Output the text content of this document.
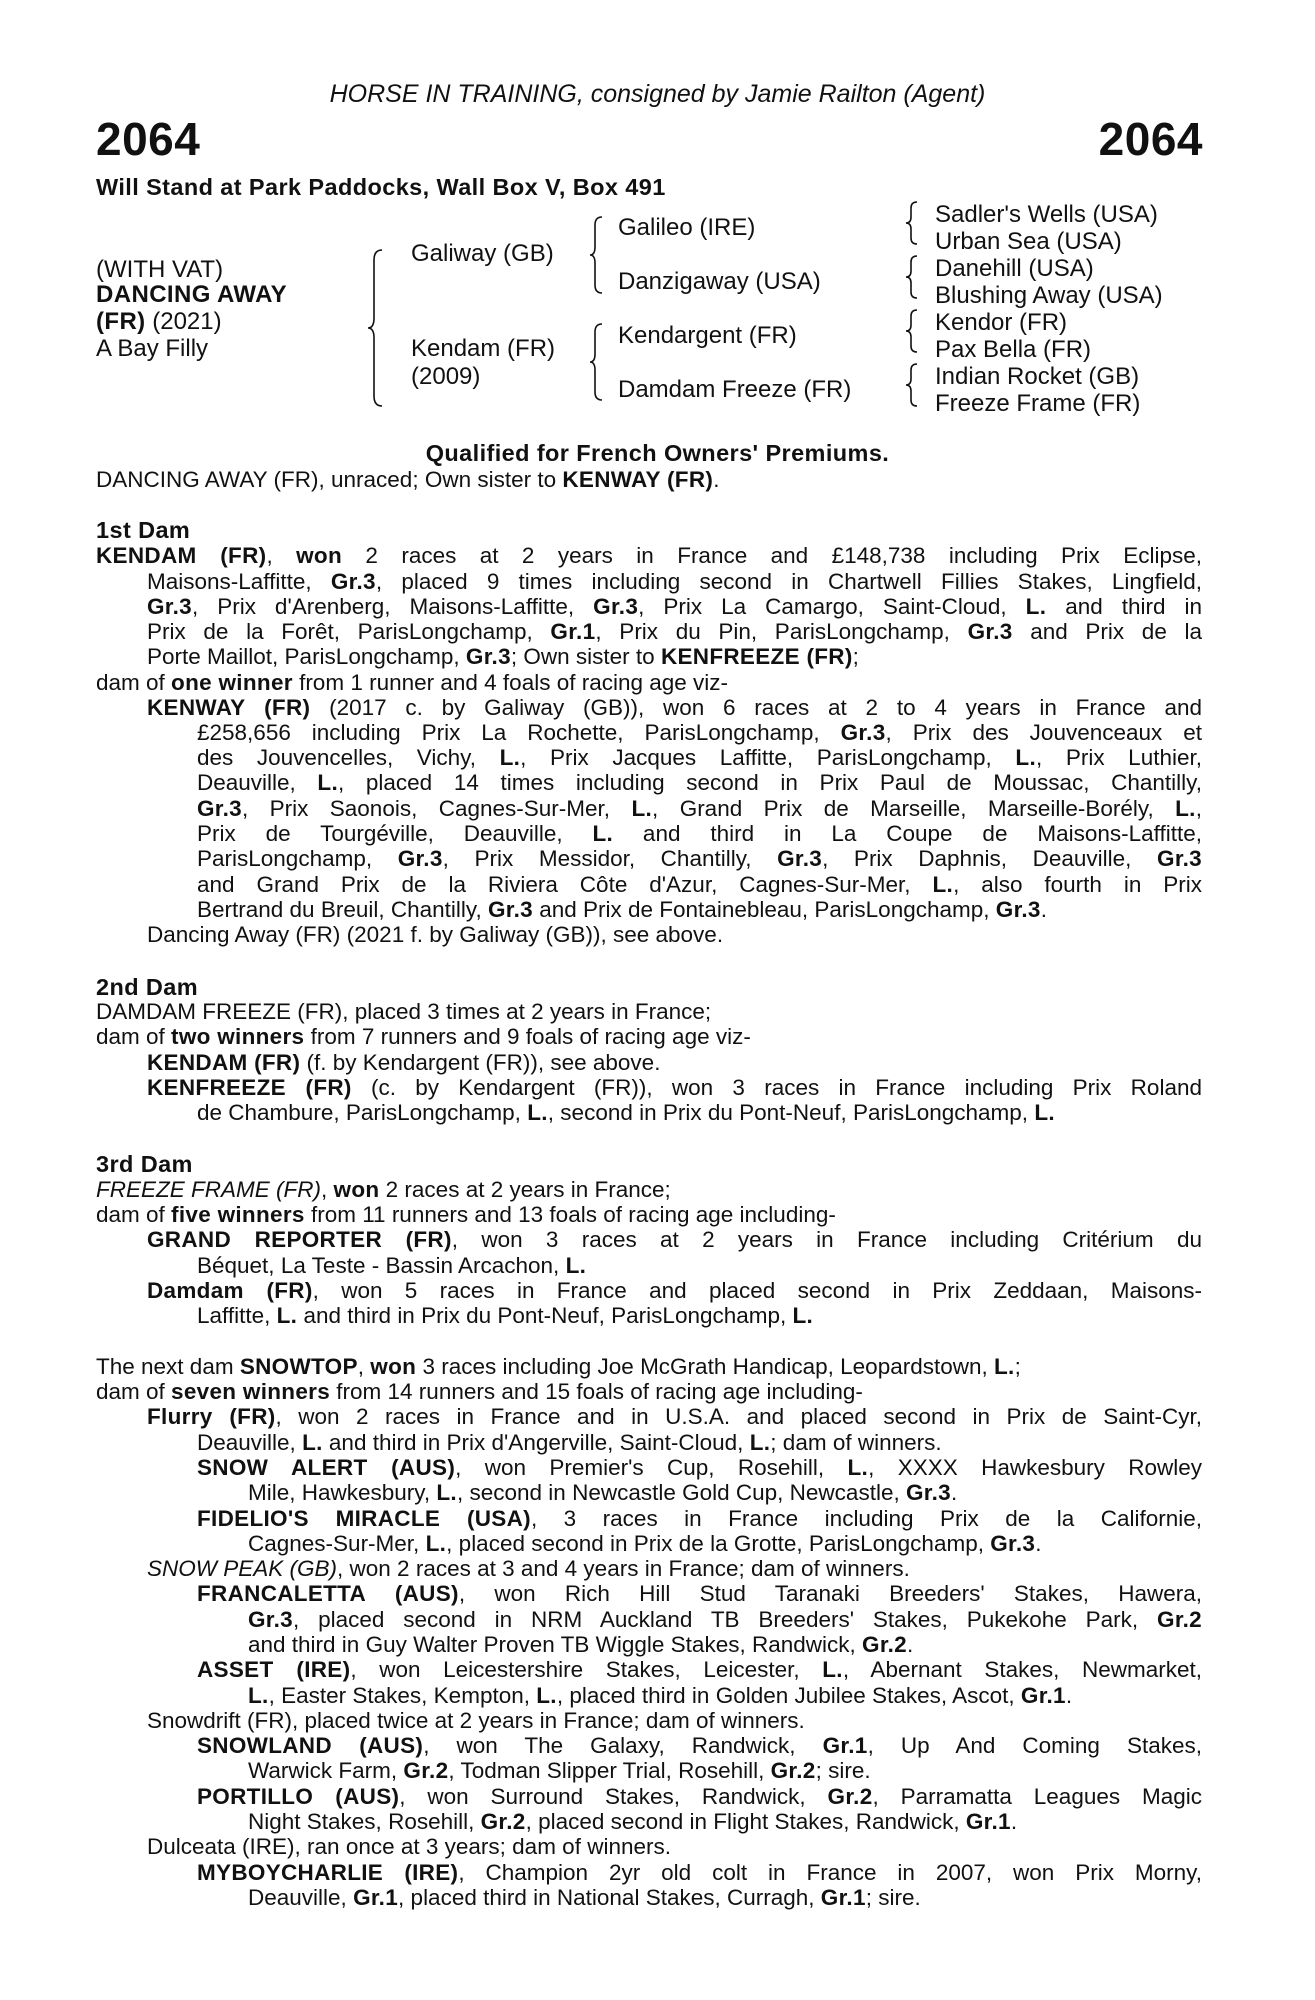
HORSE IN TRAINING, consigned by Jamie Railton (Agent)
2064	2064
Will Stand at Park Paddocks, Wall Box V, Box 491
(WITH VAT)
DANCING AWAY
(FR) (2021)
A Bay Filly
Galiway (GB)
Kendam (FR)
(2009)
Galileo (IRE)
Danzigaway (USA)
Kendargent (FR)
Damdam Freeze (FR)
Sadler's Wells (USA)
Urban Sea (USA)
Danehill (USA)
Blushing Away (USA)
Kendor (FR)
Pax Bella (FR)
Indian Rocket (GB)
Freeze Frame (FR)
Qualified for French Owners' Premiums.
DANCING AWAY (FR), unraced; Own sister to KENWAY (FR).
1st Dam
KENDAM (FR), won 2 races at 2 years in France and £148,738 including Prix Eclipse,
Maisons-Laffitte, Gr.3, placed 9 times including second in Chartwell Fillies Stakes, Lingfield,
Gr.3, Prix d'Arenberg, Maisons-Laffitte, Gr.3, Prix La Camargo, Saint-Cloud, L. and third in
Prix de la Forêt, ParisLongchamp, Gr.1, Prix du Pin, ParisLongchamp, Gr.3 and Prix de la
Porte Maillot, ParisLongchamp, Gr.3; Own sister to KENFREEZE (FR);
dam of one winner from 1 runner and 4 foals of racing age viz-
KENWAY (FR) (2017 c. by Galiway (GB)), won 6 races at 2 to 4 years in France and
£258,656 including Prix La Rochette, ParisLongchamp, Gr.3, Prix des Jouvenceaux et
des Jouvencelles, Vichy, L., Prix Jacques Laffitte, ParisLongchamp, L., Prix Luthier,
Deauville, L., placed 14 times including second in Prix Paul de Moussac, Chantilly,
Gr.3, Prix Saonois, Cagnes-Sur-Mer, L., Grand Prix de Marseille, Marseille-Borély, L.,
Prix de Tourgéville, Deauville, L. and third in La Coupe de Maisons-Laffitte,
ParisLongchamp, Gr.3, Prix Messidor, Chantilly, Gr.3, Prix Daphnis, Deauville, Gr.3
and Grand Prix de la Riviera Côte d'Azur, Cagnes-Sur-Mer, L., also fourth in Prix
Bertrand du Breuil, Chantilly, Gr.3 and Prix de Fontainebleau, ParisLongchamp, Gr.3.
Dancing Away (FR) (2021 f. by Galiway (GB)), see above.
2nd Dam
DAMDAM FREEZE (FR), placed 3 times at 2 years in France;
dam of two winners from 7 runners and 9 foals of racing age viz-
KENDAM (FR) (f. by Kendargent (FR)), see above.
KENFREEZE (FR) (c. by Kendargent (FR)), won 3 races in France including Prix Roland
de Chambure, ParisLongchamp, L., second in Prix du Pont-Neuf, ParisLongchamp, L.
3rd Dam
FREEZE FRAME (FR), won 2 races at 2 years in France;
dam of five winners from 11 runners and 13 foals of racing age including-
GRAND REPORTER (FR), won 3 races at 2 years in France including Critérium du
Béquet, La Teste - Bassin Arcachon, L.
Damdam (FR), won 5 races in France and placed second in Prix Zeddaan, Maisons-
Laffitte, L. and third in Prix du Pont-Neuf, ParisLongchamp, L.
The next dam SNOWTOP, won 3 races including Joe McGrath Handicap, Leopardstown, L.;
dam of seven winners from 14 runners and 15 foals of racing age including-
Flurry (FR), won 2 races in France and in U.S.A. and placed second in Prix de Saint-Cyr,
Deauville, L. and third in Prix d'Angerville, Saint-Cloud, L.; dam of winners.
SNOW ALERT (AUS), won Premier's Cup, Rosehill, L., XXXX Hawkesbury Rowley
Mile, Hawkesbury, L., second in Newcastle Gold Cup, Newcastle, Gr.3.
FIDELIO'S MIRACLE (USA), 3 races in France including Prix de la Californie,
Cagnes-Sur-Mer, L., placed second in Prix de la Grotte, ParisLongchamp, Gr.3.
SNOW PEAK (GB), won 2 races at 3 and 4 years in France; dam of winners.
FRANCALETTA (AUS), won Rich Hill Stud Taranaki Breeders' Stakes, Hawera,
Gr.3, placed second in NRM Auckland TB Breeders' Stakes, Pukekohe Park, Gr.2
and third in Guy Walter Proven TB Wiggle Stakes, Randwick, Gr.2.
ASSET (IRE), won Leicestershire Stakes, Leicester, L., Abernant Stakes, Newmarket,
L., Easter Stakes, Kempton, L., placed third in Golden Jubilee Stakes, Ascot, Gr.1.
Snowdrift (FR), placed twice at 2 years in France; dam of winners.
SNOWLAND (AUS), won The Galaxy, Randwick, Gr.1, Up And Coming Stakes,
Warwick Farm, Gr.2, Todman Slipper Trial, Rosehill, Gr.2; sire.
PORTILLO (AUS), won Surround Stakes, Randwick, Gr.2, Parramatta Leagues Magic
Night Stakes, Rosehill, Gr.2, placed second in Flight Stakes, Randwick, Gr.1.
Dulceata (IRE), ran once at 3 years; dam of winners.
MYBOYCHARLIE (IRE), Champion 2yr old colt in France in 2007, won Prix Morny,
Deauville, Gr.1, placed third in National Stakes, Curragh, Gr.1; sire.
